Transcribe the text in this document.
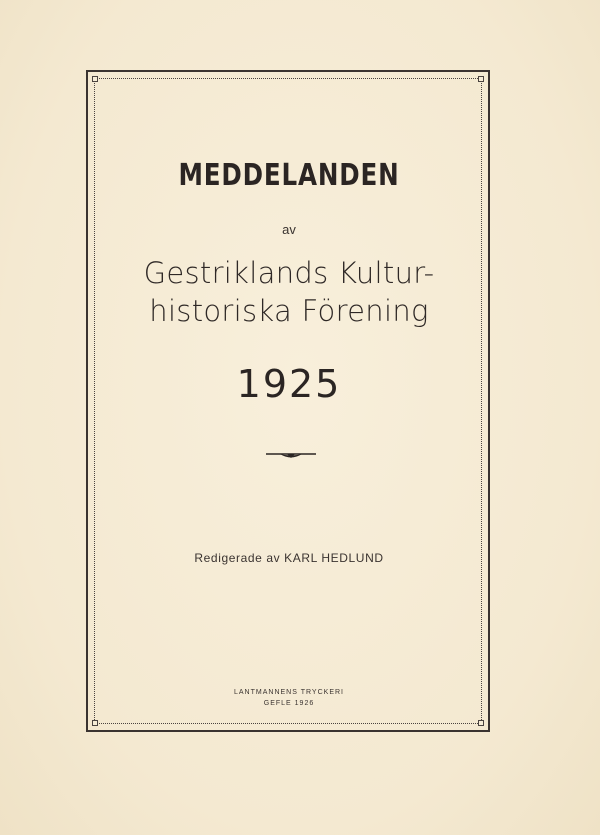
MEDDELANDEN
av
Gestriklands Kultur-
historiska Förening
1925
Redigerade av KARL HEDLUND
LANTMANNENS TRYCKERI
GEFLE 1926
